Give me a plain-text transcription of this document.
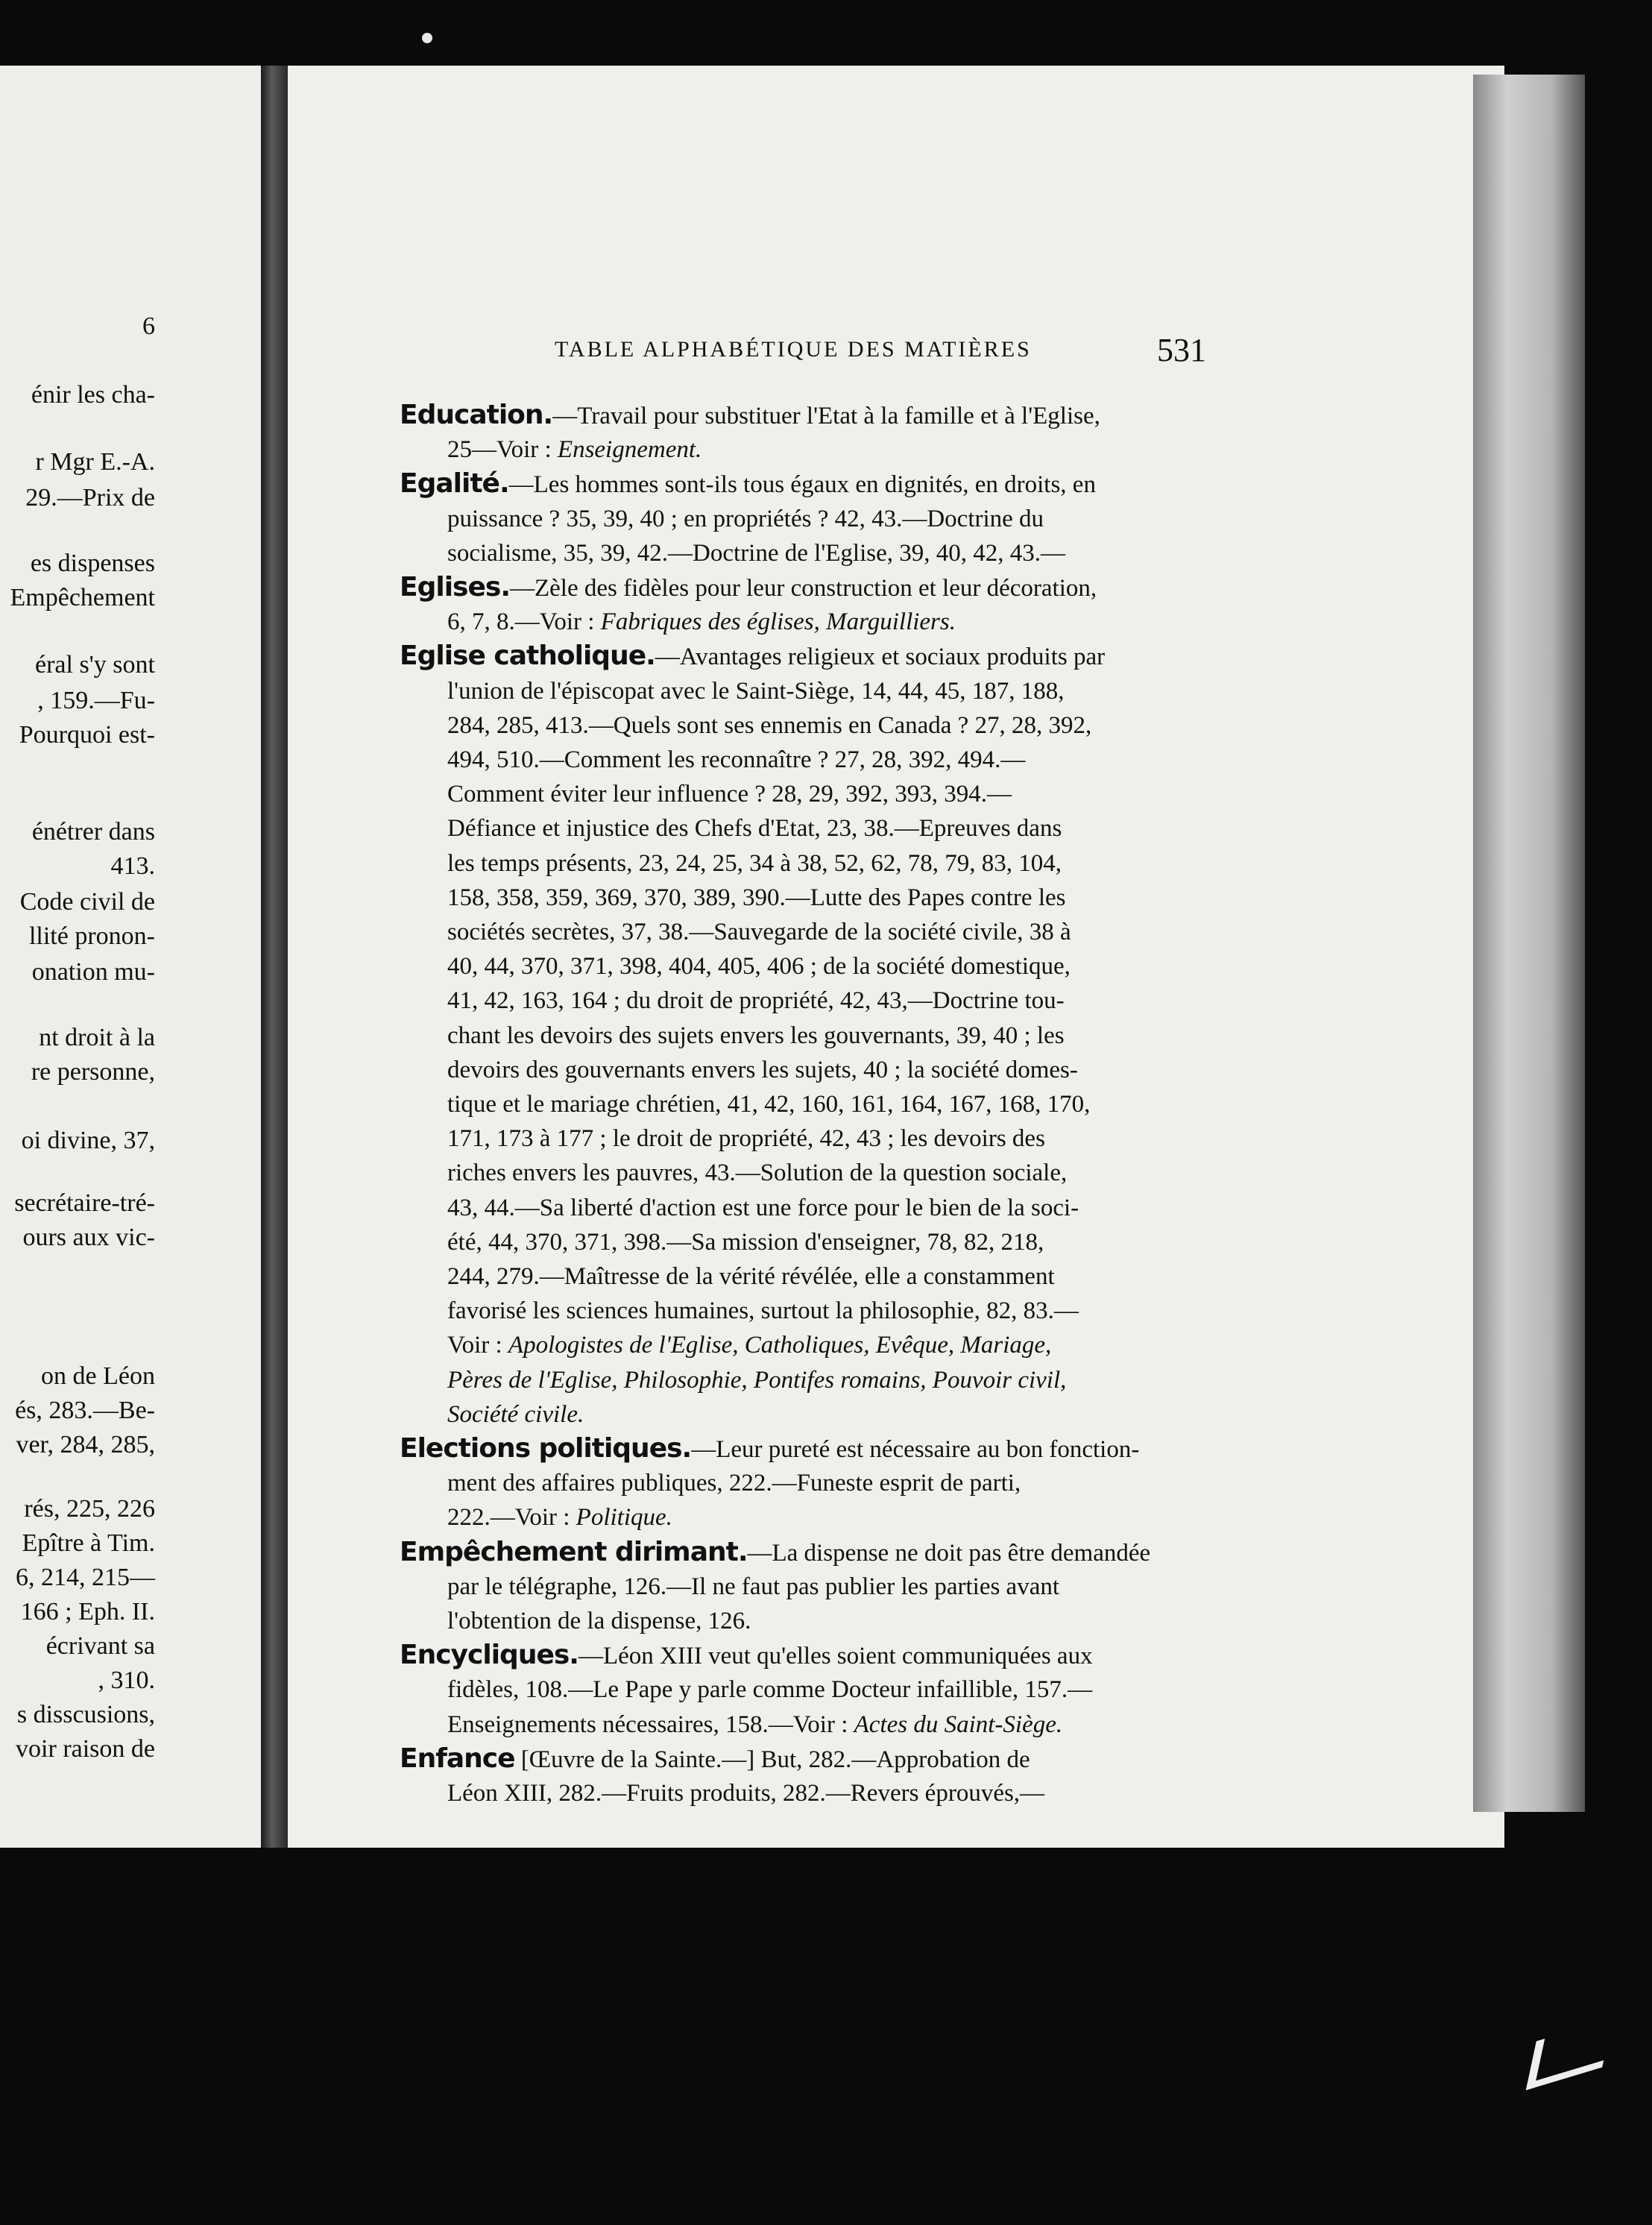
6
énir les cha-
r Mgr E.-A.
29.—Prix de
es dispenses
Empêchement
éral s'y sont
, 159.—Fu-
Pourquoi est-
énétrer dans
413.
Code civil de
llité pronon-
onation mu-
nt droit à la
re personne,
oi divine, 37,
secrétaire-tré-
ours aux vic-
on de Léon
és, 283.—Be-
ver, 284, 285,
rés, 225, 226
Epître à Tim.
6, 214, 215—
166 ; Eph. II.
écrivant sa
, 310.
s disscusions,
voir raison de
TABLE ALPHABÉTIQUE DES MATIÈRES	531
Education.—Travail pour substituer l'Etat à la famille et à l'Eglise,
25—Voir : Enseignement.
Egalité.—Les hommes sont-ils tous égaux en dignités, en droits, en
puissance ? 35, 39, 40 ; en propriétés ? 42, 43.—Doctrine du
socialisme, 35, 39, 42.—Doctrine de l'Eglise, 39, 40, 42, 43.—
Eglises.—Zèle des fidèles pour leur construction et leur décoration,
6, 7, 8.—Voir : Fabriques des églises, Marguilliers.
Eglise catholique.—Avantages religieux et sociaux produits par
l'union de l'épiscopat avec le Saint-Siège, 14, 44, 45, 187, 188,
284, 285, 413.—Quels sont ses ennemis en Canada ? 27, 28, 392,
494, 510.—Comment les reconnaître ? 27, 28, 392, 494.—
Comment éviter leur influence ? 28, 29, 392, 393, 394.—
Défiance et injustice des Chefs d'Etat, 23, 38.—Epreuves dans
les temps présents, 23, 24, 25, 34 à 38, 52, 62, 78, 79, 83, 104,
158, 358, 359, 369, 370, 389, 390.—Lutte des Papes contre les
sociétés secrètes, 37, 38.—Sauvegarde de la société civile, 38 à
40, 44, 370, 371, 398, 404, 405, 406 ; de la société domestique,
41, 42, 163, 164 ; du droit de propriété, 42, 43,—Doctrine tou-
chant les devoirs des sujets envers les gouvernants, 39, 40 ; les
devoirs des gouvernants envers les sujets, 40 ; la société domes-
tique et le mariage chrétien, 41, 42, 160, 161, 164, 167, 168, 170,
171, 173 à 177 ; le droit de propriété, 42, 43 ; les devoirs des
riches envers les pauvres, 43.—Solution de la question sociale,
43, 44.—Sa liberté d'action est une force pour le bien de la soci-
été, 44, 370, 371, 398.—Sa mission d'enseigner, 78, 82, 218,
244, 279.—Maîtresse de la vérité révélée, elle a constamment
favorisé les sciences humaines, surtout la philosophie, 82, 83.—
Voir : Apologistes de l'Eglise, Catholiques, Evêque, Mariage,
Pères de l'Eglise, Philosophie, Pontifes romains, Pouvoir civil,
Société civile.
Elections politiques.—Leur pureté est nécessaire au bon fonction-
ment des affaires publiques, 222.—Funeste esprit de parti,
222.—Voir : Politique.
Empêchement dirimant.—La dispense ne doit pas être demandée
par le télégraphe, 126.—Il ne faut pas publier les parties avant
l'obtention de la dispense, 126.
Encycliques.—Léon XIII veut qu'elles soient communiquées aux
fidèles, 108.—Le Pape y parle comme Docteur infaillible, 157.—
Enseignements nécessaires, 158.—Voir : Actes du Saint-Siège.
Enfance [Œuvre de la Sainte.—] But, 282.—Approbation de
Léon XIII, 282.—Fruits produits, 282.—Revers éprouvés,—
